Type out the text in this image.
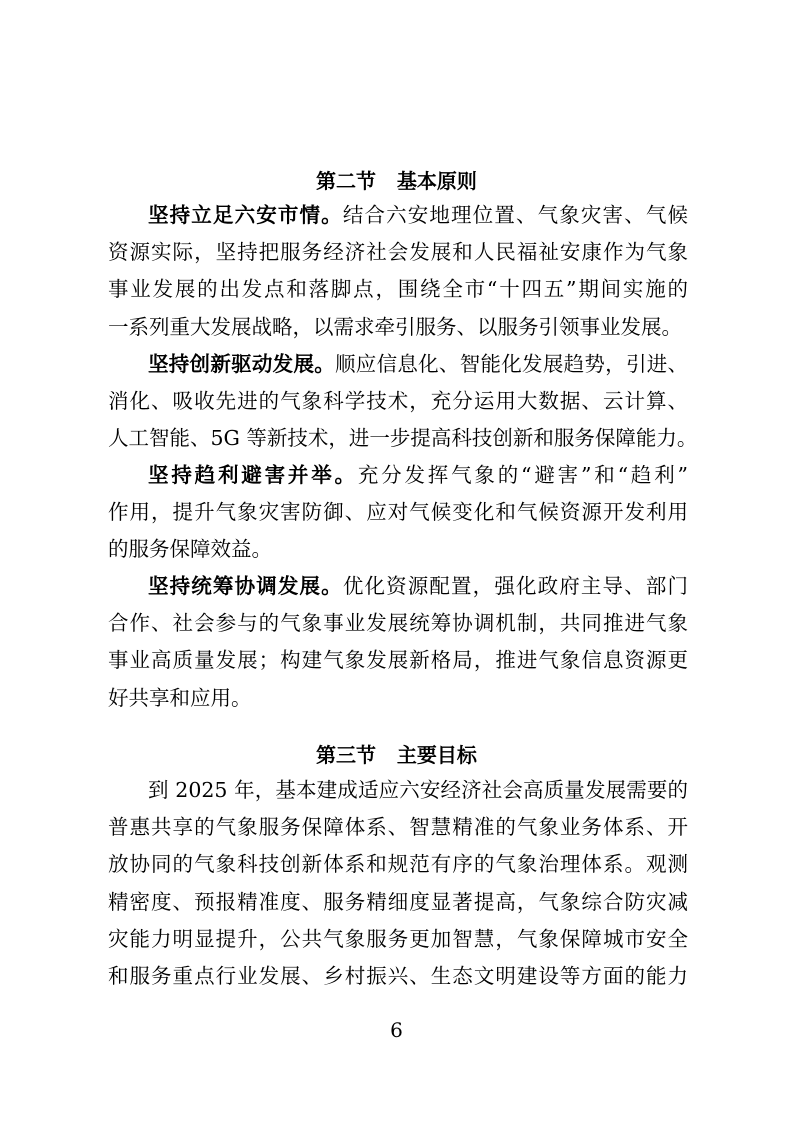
第二节   基本原则
坚持立足六安市情。结合六安地理位置、气象灾害、气候
资源实际，坚持把服务经济社会发展和人民福祉安康作为气象
事业发展的出发点和落脚点，围绕全市“十四五”期间实施的
一系列重大发展战略，以需求牵引服务、以服务引领事业发展。
坚持创新驱动发展。顺应信息化、智能化发展趋势，引进、
消化、吸收先进的气象科学技术，充分运用大数据、云计算、
人工智能、5G 等新技术，进一步提高科技创新和服务保障能力。
坚持趋利避害并举。充分发挥气象的“避害”和“趋利”
作用，提升气象灾害防御、应对气候变化和气候资源开发利用
的服务保障效益。
坚持统筹协调发展。优化资源配置，强化政府主导、部门
合作、社会参与的气象事业发展统筹协调机制，共同推进气象
事业高质量发展；构建气象发展新格局，推进气象信息资源更
好共享和应用。
第三节   主要目标
到 2025 年，基本建成适应六安经济社会高质量发展需要的
普惠共享的气象服务保障体系、智慧精准的气象业务体系、开
放协同的气象科技创新体系和规范有序的气象治理体系。观测
精密度、预报精准度、服务精细度显著提高，气象综合防灾减
灾能力明显提升，公共气象服务更加智慧，气象保障城市安全
和服务重点行业发展、乡村振兴、生态文明建设等方面的能力
6
